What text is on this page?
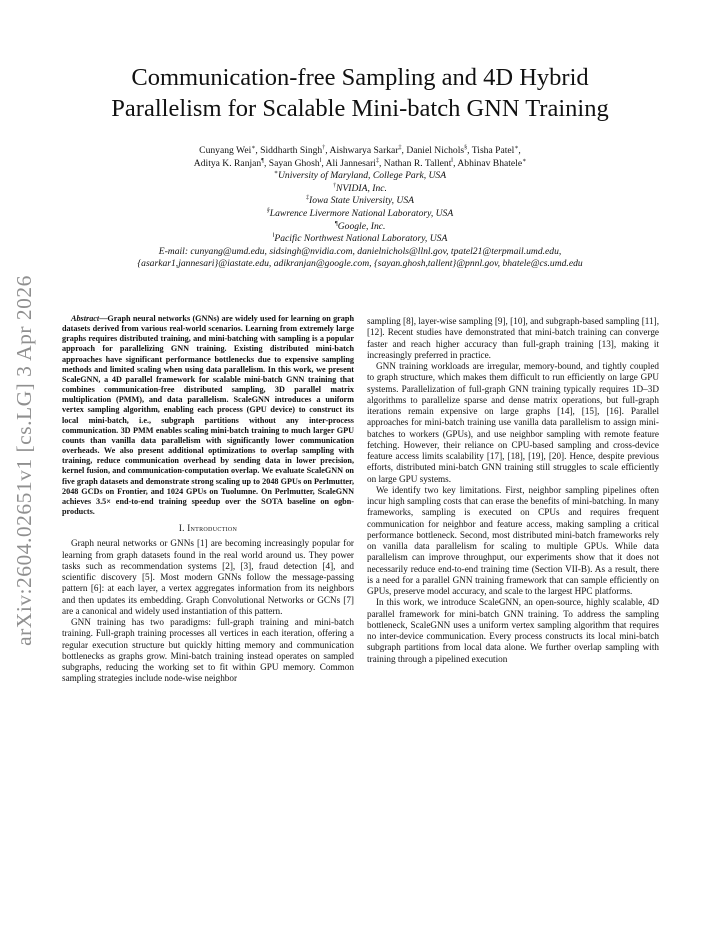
arXiv:2604.02651v1 [cs.LG] 3 Apr 2026
Communication-free Sampling and 4D Hybrid
Parallelism for Scalable Mini-batch GNN Training
Cunyang Wei∗, Siddharth Singh†, Aishwarya Sarkar‡, Daniel Nichols§, Tisha Patel∗,
Aditya K. Ranjan¶, Sayan Ghosh‖, Ali Jannesari‡, Nathan R. Tallent‖, Abhinav Bhatele∗
∗University of Maryland, College Park, USA
†NVIDIA, Inc.
‡Iowa State University, USA
§Lawrence Livermore National Laboratory, USA
¶Google, Inc.
‖Pacific Northwest National Laboratory, USA
E-mail: cunyang@umd.edu, sidsingh@nvidia.com, danielnichols@llnl.gov, tpatel21@terpmail.umd.edu,
{asarkar1,jannesari}@iastate.edu, adikranjan@google.com, {sayan.ghosh,tallent}@pnnl.gov, bhatele@cs.umd.edu

Abstract—Graph neural networks (GNNs) are widely used for learning on graph datasets derived from various real-world scenarios. Learning from extremely large graphs requires distributed training, and mini-batching with sampling is a popular approach for parallelizing GNN training. Existing distributed mini-batch approaches have significant performance bottlenecks due to expensive sampling methods and limited scaling when using data parallelism. In this work, we present ScaleGNN, a 4D parallel framework for scalable mini-batch GNN training that combines communication-free distributed sampling, 3D parallel matrix multiplication (PMM), and data parallelism. ScaleGNN introduces a uniform vertex sampling algorithm, enabling each process (GPU device) to construct its local mini-batch, i.e., subgraph partitions without any inter-process communication. 3D PMM enables scaling mini-batch training to much larger GPU counts than vanilla data parallelism with significantly lower communication overheads. We also present additional optimizations to overlap sampling with training, reduce communication overhead by sending data in lower precision, kernel fusion, and communication-computation overlap. We evaluate ScaleGNN on five graph datasets and demonstrate strong scaling up to 2048 GPUs on Perlmutter, 2048 GCDs on Frontier, and 1024 GPUs on Tuolumne. On Perlmutter, ScaleGNN achieves 3.5× end-to-end training speedup over the SOTA baseline on ogbn-products.

I. Introduction

Graph neural networks or GNNs [1] are becoming increasingly popular for learning from graph datasets found in the real world around us. They power tasks such as recommendation systems [2], [3], fraud detection [4], and scientific discovery [5]. Most modern GNNs follow the message-passing pattern [6]: at each layer, a vertex aggregates information from its neighbors and then updates its embedding. Graph Convolutional Networks or GCNs [7] are a canonical and widely used instantiation of this pattern.

GNN training has two paradigms: full-graph training and mini-batch training. Full-graph training processes all vertices in each iteration, offering a regular execution structure but quickly hitting memory and communication bottlenecks as graphs grow. Mini-batch training instead operates on sampled subgraphs, reducing the working set to fit within GPU memory. Common sampling strategies include node-wise neighbor

sampling [8], layer-wise sampling [9], [10], and subgraph-based sampling [11], [12]. Recent studies have demonstrated that mini-batch training can converge faster and reach higher accuracy than full-graph training [13], making it increasingly preferred in practice.

GNN training workloads are irregular, memory-bound, and tightly coupled to graph structure, which makes them difficult to run efficiently on large GPU systems. Parallelization of full-graph GNN training typically requires 1D–3D algorithms to parallelize sparse and dense matrix operations, but full-graph iterations remain expensive on large graphs [14], [15], [16]. Parallel approaches for mini-batch training use vanilla data parallelism to assign mini-batches to workers (GPUs), and use neighbor sampling with remote feature fetching. However, their reliance on CPU-based sampling and cross-device feature access limits scalability [17], [18], [19], [20]. Hence, despite previous efforts, distributed mini-batch GNN training still struggles to scale efficiently on large GPU systems.

We identify two key limitations. First, neighbor sampling pipelines often incur high sampling costs that can erase the benefits of mini-batching. In many frameworks, sampling is executed on CPUs and requires frequent communication for neighbor and feature access, making sampling a critical performance bottleneck. Second, most distributed mini-batch frameworks rely on vanilla data parallelism for scaling to multiple GPUs. While data parallelism can improve throughput, our experiments show that it does not necessarily reduce end-to-end training time (Section VII-B). As a result, there is a need for a parallel GNN training framework that can sample efficiently on GPUs, preserve model accuracy, and scale to the largest HPC platforms.

In this work, we introduce ScaleGNN, an open-source, highly scalable, 4D parallel framework for mini-batch GNN training. To address the sampling bottleneck, ScaleGNN uses a uniform vertex sampling algorithm that requires no inter-device communication. Every process constructs its local mini-batch subgraph partitions from local data alone. We further overlap sampling with training through a pipelined execution
